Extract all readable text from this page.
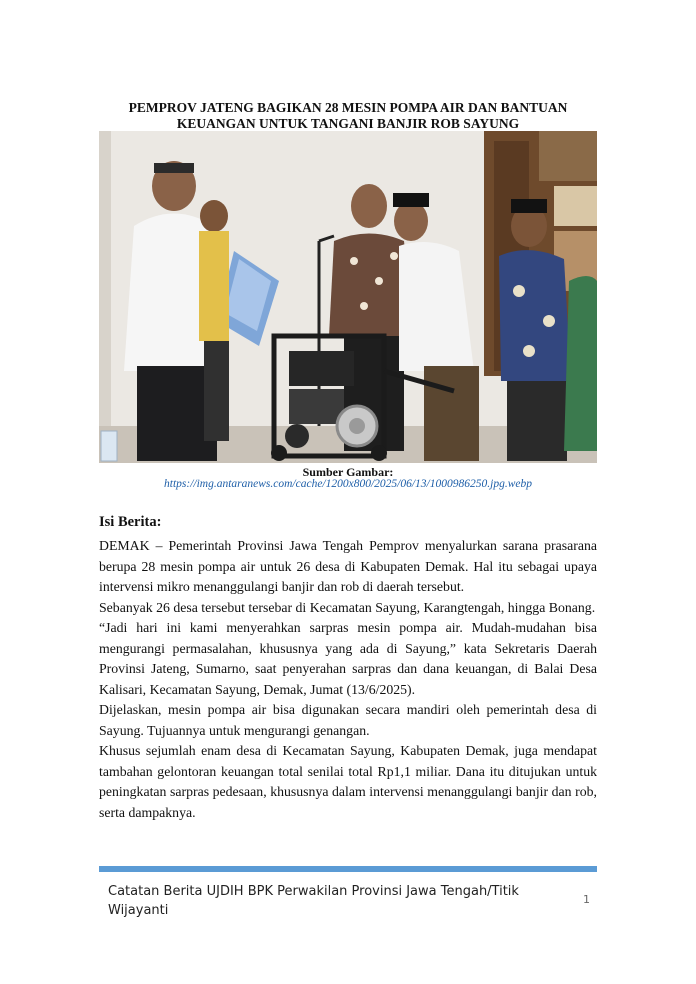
PEMPROV JATENG BAGIKAN 28 MESIN POMPA AIR DAN BANTUAN
KEUANGAN UNTUK TANGANI BANJIR ROB SAYUNG
Sumber Gambar:
https://img.antaranews.com/cache/1200x800/2025/06/13/1000986250.jpg.webp
Isi Berita:

DEMAK – Pemerintah Provinsi Jawa Tengah Pemprov menyalurkan sarana prasarana berupa 28 mesin pompa air untuk 26 desa di Kabupaten Demak. Hal itu sebagai upaya intervensi mikro menanggulangi banjir dan rob di daerah tersebut.

Sebanyak 26 desa tersebut tersebar di Kecamatan Sayung, Karangtengah, hingga Bonang.

“Jadi hari ini kami menyerahkan sarpras mesin pompa air. Mudah-mudahan bisa mengurangi permasalahan, khususnya yang ada di Sayung,” kata Sekretaris Daerah Provinsi Jateng, Sumarno, saat penyerahan sarpras dan dana keuangan, di Balai Desa Kalisari, Kecamatan Sayung, Demak, Jumat (13/6/2025).

Dijelaskan, mesin pompa air bisa digunakan secara mandiri oleh pemerintah desa di Sayung. Tujuannya untuk mengurangi genangan.

Khusus sejumlah enam desa di Kecamatan Sayung, Kabupaten Demak, juga mendapat tambahan gelontoran keuangan total senilai total Rp1,1 miliar. Dana itu ditujukan untuk peningkatan sarpras pedesaan, khususnya dalam intervensi menanggulangi banjir dan rob, serta dampaknya.

Catatan Berita UJDIH BPK Perwakilan Provinsi Jawa Tengah/Titik Wijayanti
1
